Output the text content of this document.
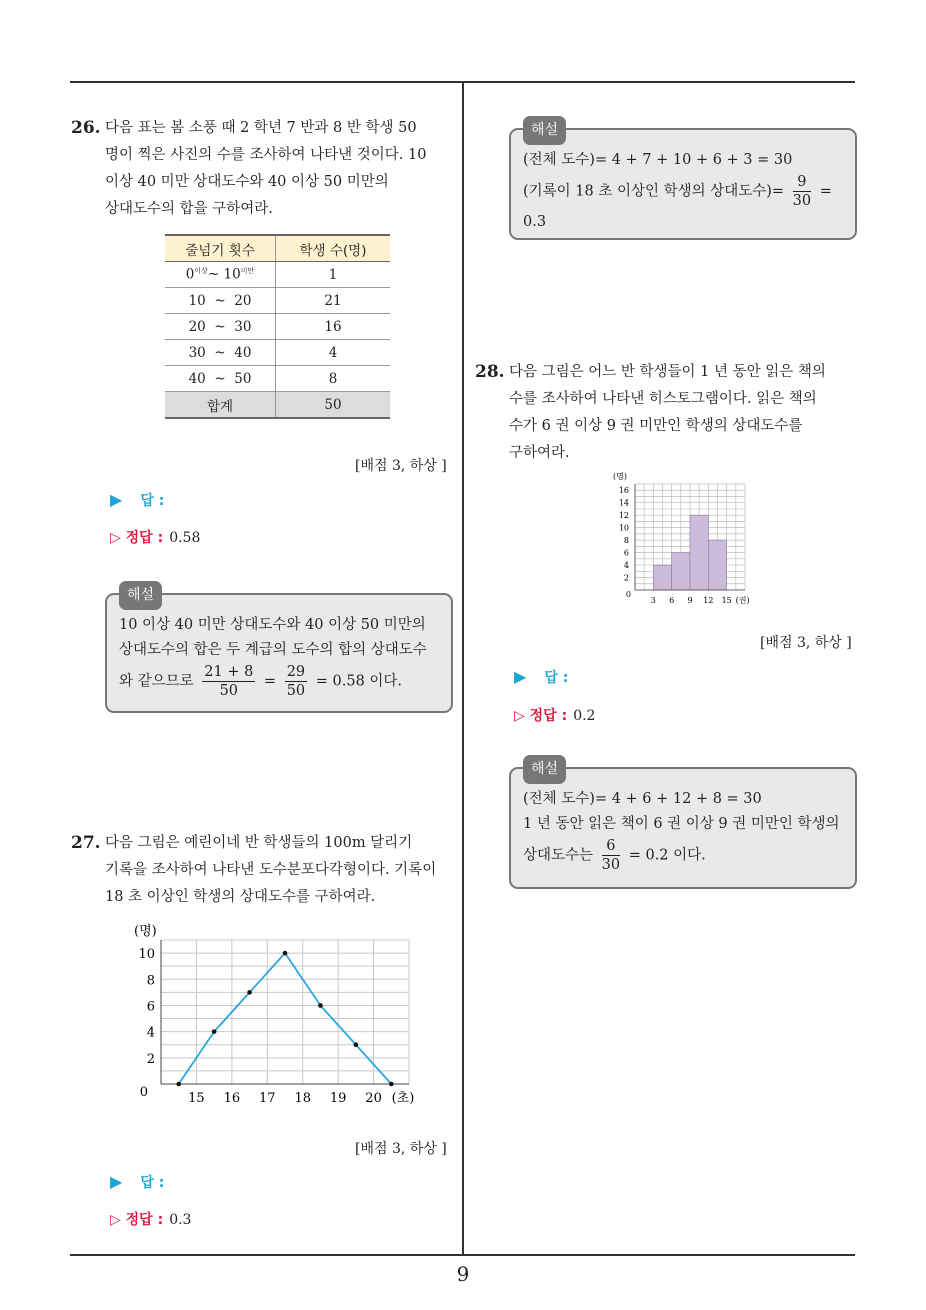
26. 다음 표는 봄 소풍 때 2 학년 7 반과 8 반 학생 50
명이 찍은 사진의 수를 조사하여 나타낸 것이다. 10
이상 40 미만 상대도수와 40 이상 50 미만의
상대도수의 합을 구하여라.
줄넘기 횟수	학생 수(명)
$0^{이상}\sim$ $10^{미만}$	1
10 ~ 20	21
20 ~ 30	16
30 ~ 40	4
40 ~ 50	8
합계	50
[배점 3, 하상 ]
▶ 답 :
▷ 정답 : 0.58
해설
10 이상 40 미만 상대도수와 40 이상 50 미만의
상대도수의 합은 두 계급의 도수의 합의 상대도수
와 같으므로 $\frac{21 + 8}{50} = \frac{29}{50} = 0.58$ 이다.
27. 다음 그림은 예린이네 반 학생들의 100m 달리기
기록을 조사하여 나타낸 도수분포다각형이다. 기록이
18 초 이상인 학생의 상대도수를 구하여라.
0
2
4
6
8
10
15 16 17 18 19 20
(명)
(초)
[배점 3, 하상 ]
▶ 답 :
▷ 정답 : 0.3
해설
(전체 도수)= 4 + 7 + 10 + 6 + 3 = 30
(기록이 18 초 이상인 학생의 상대도수)= $\frac{9}{30}$ =
0.3
28. 다음 그림은 어느 반 학생들이 1 년 동안 읽은 책의
수를 조사하여 나타낸 히스토그램이다. 읽은 책의
수가 6 권 이상 9 권 미만인 학생의 상대도수를
구하여라.
2
4
6
8
10
12
14
16
0
3 6 9 12 15
(명)
(권)
[배점 3, 하상 ]
▶ 답 :
▷ 정답 : 0.2
해설
(전체 도수)= 4 + 6 + 12 + 8 = 30
1 년 동안 읽은 책이 6 권 이상 9 권 미만인 학생의
상대도수는 $\frac{6}{30} = 0.2$ 이다.
9
